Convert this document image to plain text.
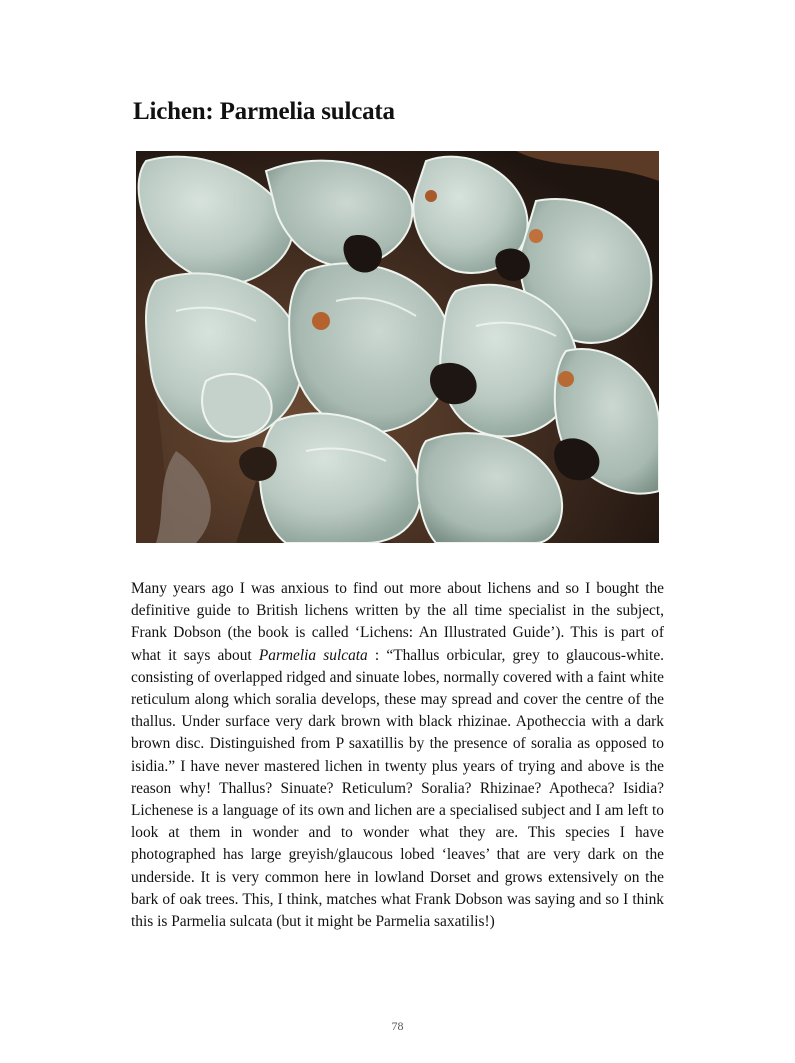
Lichen: Parmelia sulcata

Many years ago I was anxious to find out more about lichens and so I bought the definitive guide to British lichens written by the all time specialist in the subject, Frank Dobson (the book is called ‘Lichens: An Illustrated Guide’). This is part of what it says about Parmelia sulcata : “Thallus orbicular, grey to glaucous-white. consisting of overlapped ridged and sinuate lobes, normally covered with a faint white reticulum along which soralia develops, these may spread and cover the centre of the thallus. Under surface very dark brown with black rhizinae. Apotheccia with a dark brown disc. Distinguished from P saxatillis by the presence of soralia as opposed to isidia.” I have never mastered lichen in twenty plus years of trying and above is the reason why! Thallus? Sinuate? Reticulum? Soralia? Rhizinae? Apotheca? Isidia? Lichenese is a language of its own and lichen are a specialised subject and I am left to look at them in wonder and to wonder what they are. This species I have photographed has large greyish/glaucous lobed ‘leaves’ that are very dark on the underside. It is very common here in lowland Dorset and grows extensively on the bark of oak trees. This, I think, matches what Frank Dobson was saying and so I think this is Parmelia sulcata (but it might be Parmelia saxatilis!)

78
